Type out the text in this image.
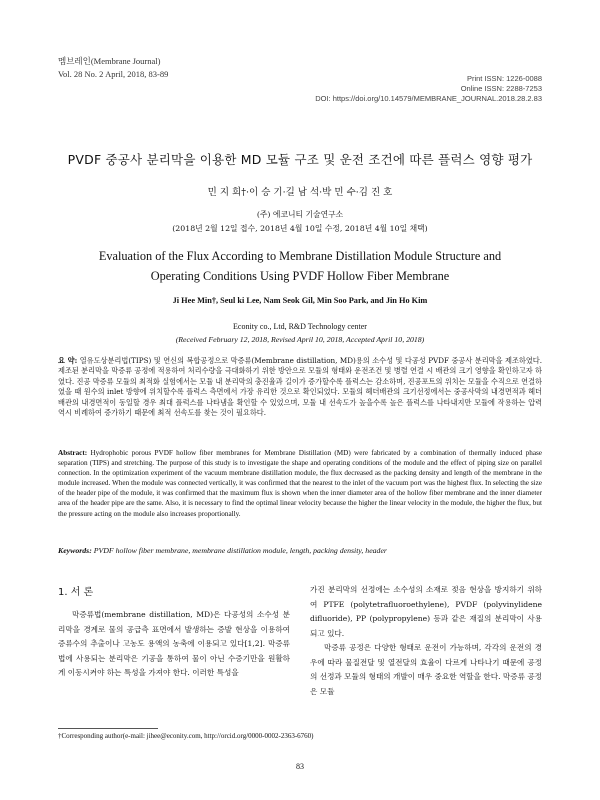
멤브레인(Membrane Journal)
Vol. 28 No. 2 April, 2018, 83-89	Print ISSN: 1226-0088
Online ISSN: 2288-7253
DOI: https://doi.org/10.14579/MEMBRANE_JOURNAL.2018.28.2.83
PVDF 중공사 분리막을 이용한 MD 모듈 구조 및 운전 조건에 따른 플럭스 영향 평가
민 지 희†·이 승 기·길 남 석·박 민 수·김 진 호
(주) 에코니티 기술연구소
(2018년 2월 12일 접수, 2018년 4월 10일 수정, 2018년 4월 10일 채택)
Evaluation of the Flux According to Membrane Distillation Module Structure and
Operating Conditions Using PVDF Hollow Fiber Membrane
Ji Hee Min†, Seul ki Lee, Nam Seok Gil, Min Soo Park, and Jin Ho Kim
Econity co., Ltd, R&D Technology center
(Received February 12, 2018, Revised April 10, 2018, Accepted April 10, 2018)
요 약: 열유도상분리법(TIPS) 및 연신의 복합공정으로 막증류(Membrane distillation, MD)용의 소수성 및 다공성 PVDF 중공사 분리막을 제조하였다. 제조된 분리막을 막증류 공정에 적용하여 처리수량을 극대화하기 위한 방안으로 모듈의 형태와 운전조건 및 병렬 연결 시 배관의 크기 영향을 확인하고자 하였다. 진공 막증류 모듈의 최적화 실험에서는 모듈 내 분리막의 충진율과 길이가 증가할수록 플럭스는 감소하며, 진공포트의 위치는 모듈을 수직으로 연결하였을 때 원수의 inlet 방향에 위치할수록 플럭스 측면에서 가장 유리한 것으로 확인되었다. 모듈의 헤더배관의 크기선정에서는 중공사막의 내경면적과 헤더배관의 내경면적이 동일할 경우 최대 플럭스를 나타냄을 확인할 수 있었으며, 모듈 내 선속도가 높을수록 높은 플럭스를 나타내지만 모듈에 작용하는 압력 역시 비례하여 증가하기 때문에 최적 선속도를 찾는 것이 필요하다.
Abstract: Hydrophobic porous PVDF hollow fiber membranes for Membrane Distillation (MD) were fabricated by a combination of thermally induced phase separation (TIPS) and stretching. The purpose of this study is to investigate the shape and operating conditions of the module and the effect of piping size on parallel connection. In the optimization experiment of the vacuum membrane distillation module, the flux decreased as the packing density and length of the membrane in the module increased. When the module was connected vertically, it was confirmed that the nearest to the inlet of the vacuum port was the highest flux. In selecting the size of the header pipe of the module, it was confirmed that the maximum flux is shown when the inner diameter area of the hollow fiber membrane and the inner diameter area of the header pipe are the same. Also, it is necessary to find the optimal linear velocity because the higher the linear velocity in the module, the higher the flux, but the pressure acting on the module also increases proportionally.
Keywords: PVDF hollow fiber membrane, membrane distillation module, length, packing density, header
1. 서 론
막증류법(membrane distillation, MD)은 다공성의 소수성 분리막을 경계로 물의 공급측 표면에서 발생하는 증발 현상을 이용하여 증류수의 추출이나 고농도 용액의 농축에 이용되고 있다[1,2]. 막증류법에 사용되는 분리막은 기공을 통하여 물이 아닌 수증기만을 원활하게 이동시켜야 하는 특성을 가져야 한다. 이러한 특성을
가진 분리막의 선정에는 소수성의 소재로 젖음 현상을 방지하기 위하여 PTFE (polytetrafluoroethylene), PVDF (polyvinylidene difluoride), PP (polypropylene) 등과 같은 재질의 분리막이 사용되고 있다.
막증류 공정은 다양한 형태로 운전이 가능하며, 각각의 운전의 경우에 따라 물질전달 및 열전달의 효율이 다르게 나타나기 때문에 공정의 선정과 모듈의 형태의 개발이 매우 중요한 역할을 한다. 막증류 공정은 모듈
†Corresponding author(e-mail: jihee@econity.com, http://orcid.org/0000-0002-2363-6760)
83
